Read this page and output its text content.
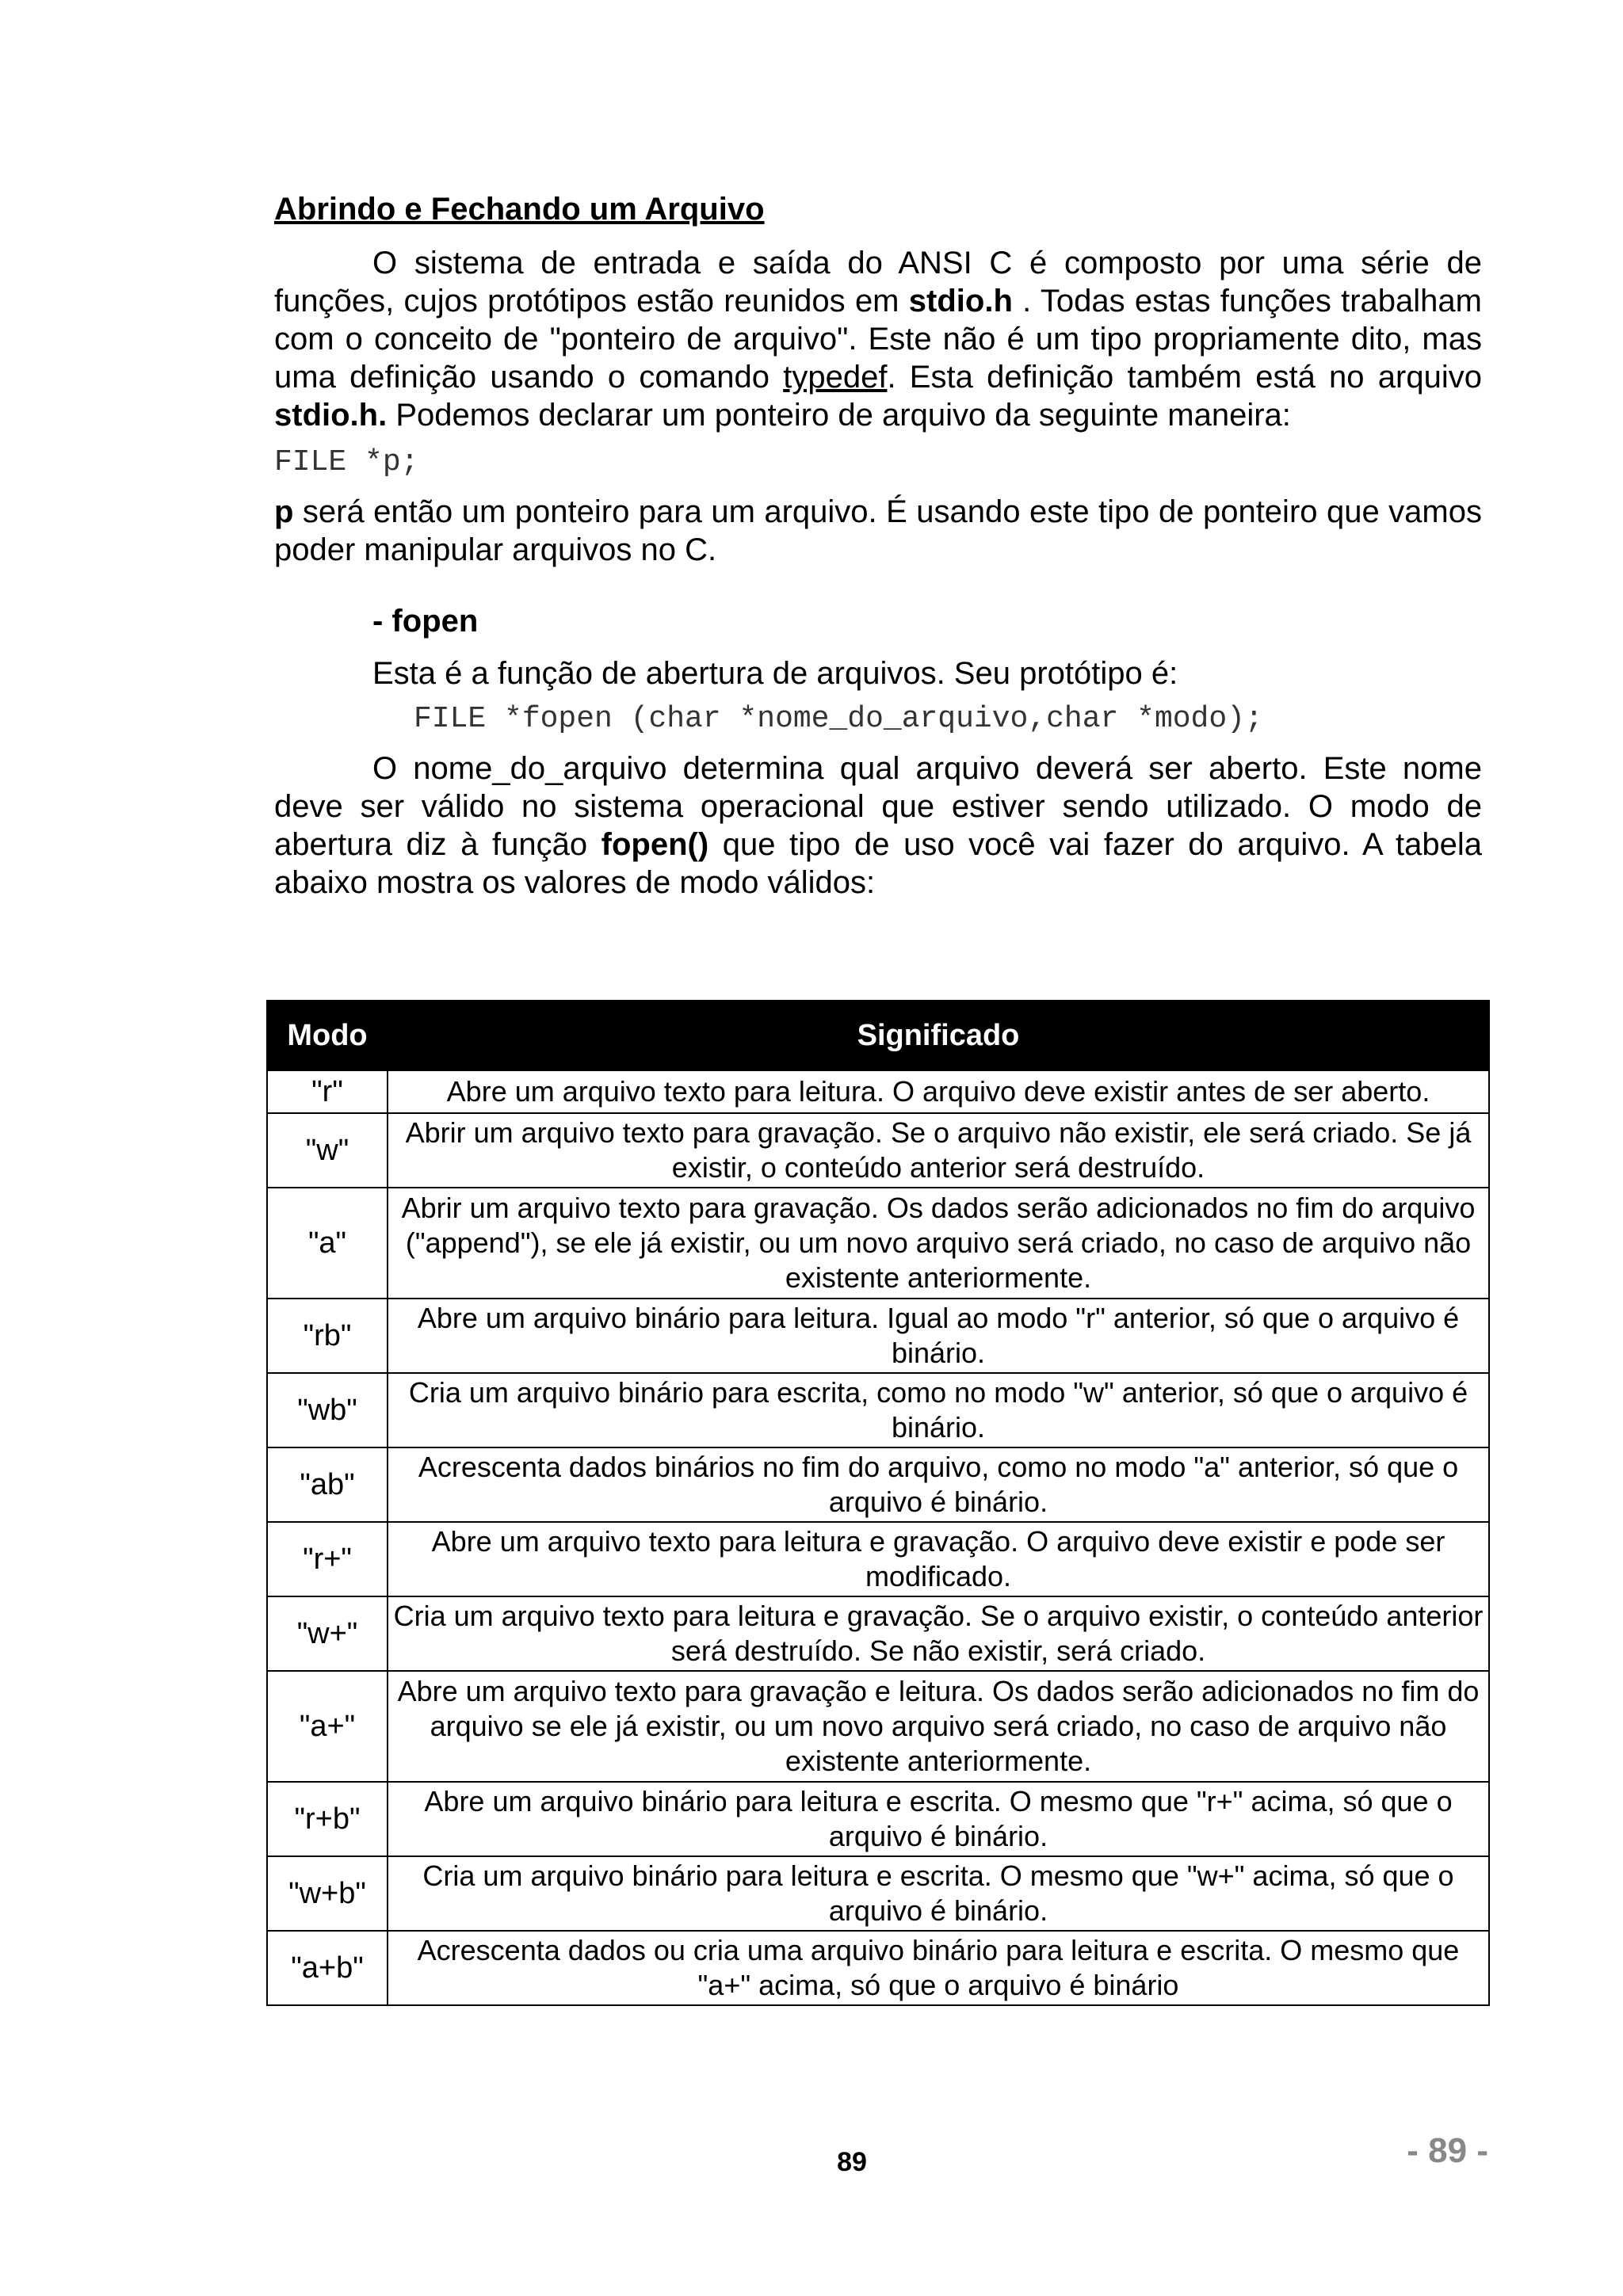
Abrindo e Fechando um Arquivo

O sistema de entrada e saída do ANSI C é composto por uma série de funções, cujos protótipos estão reunidos em stdio.h . Todas estas funções trabalham com o conceito de "ponteiro de arquivo". Este não é um tipo propriamente dito, mas uma definição usando o comando typedef. Esta definição também está no arquivo stdio.h. Podemos declarar um ponteiro de arquivo da seguinte maneira:

FILE *p;

p será então um ponteiro para um arquivo. É usando este tipo de ponteiro que vamos poder manipular arquivos no C.

- fopen
Esta é a função de abertura de arquivos. Seu protótipo é:
FILE *fopen (char *nome_do_arquivo,char *modo);

O nome_do_arquivo determina qual arquivo deverá ser aberto. Este nome deve ser válido no sistema operacional que estiver sendo utilizado. O modo de abertura diz à função fopen() que tipo de uso você vai fazer do arquivo. A tabela abaixo mostra os valores de modo válidos:

Modo	Significado
"r"	Abre um arquivo texto para leitura. O arquivo deve existir antes de ser aberto.
"w"	Abrir um arquivo texto para gravação. Se o arquivo não existir, ele será criado. Se já existir, o conteúdo anterior será destruído.
"a"	Abrir um arquivo texto para gravação. Os dados serão adicionados no fim do arquivo ("append"), se ele já existir, ou um novo arquivo será criado, no caso de arquivo não existente anteriormente.
"rb"	Abre um arquivo binário para leitura. Igual ao modo "r" anterior, só que o arquivo é binário.
"wb"	Cria um arquivo binário para escrita, como no modo "w" anterior, só que o arquivo é binário.
"ab"	Acrescenta dados binários no fim do arquivo, como no modo "a" anterior, só que o arquivo é binário.
"r+"	Abre um arquivo texto para leitura e gravação. O arquivo deve existir e pode ser modificado.
"w+"	Cria um arquivo texto para leitura e gravação. Se o arquivo existir, o conteúdo anterior será destruído. Se não existir, será criado.
"a+"	Abre um arquivo texto para gravação e leitura. Os dados serão adicionados no fim do arquivo se ele já existir, ou um novo arquivo será criado, no caso de arquivo não existente anteriormente.
"r+b"	Abre um arquivo binário para leitura e escrita. O mesmo que "r+" acima, só que o arquivo é binário.
"w+b"	Cria um arquivo binário para leitura e escrita. O mesmo que "w+" acima, só que o arquivo é binário.
"a+b"	Acrescenta dados ou cria uma arquivo binário para leitura e escrita. O mesmo que "a+" acima, só que o arquivo é binário
89	- 89 -
